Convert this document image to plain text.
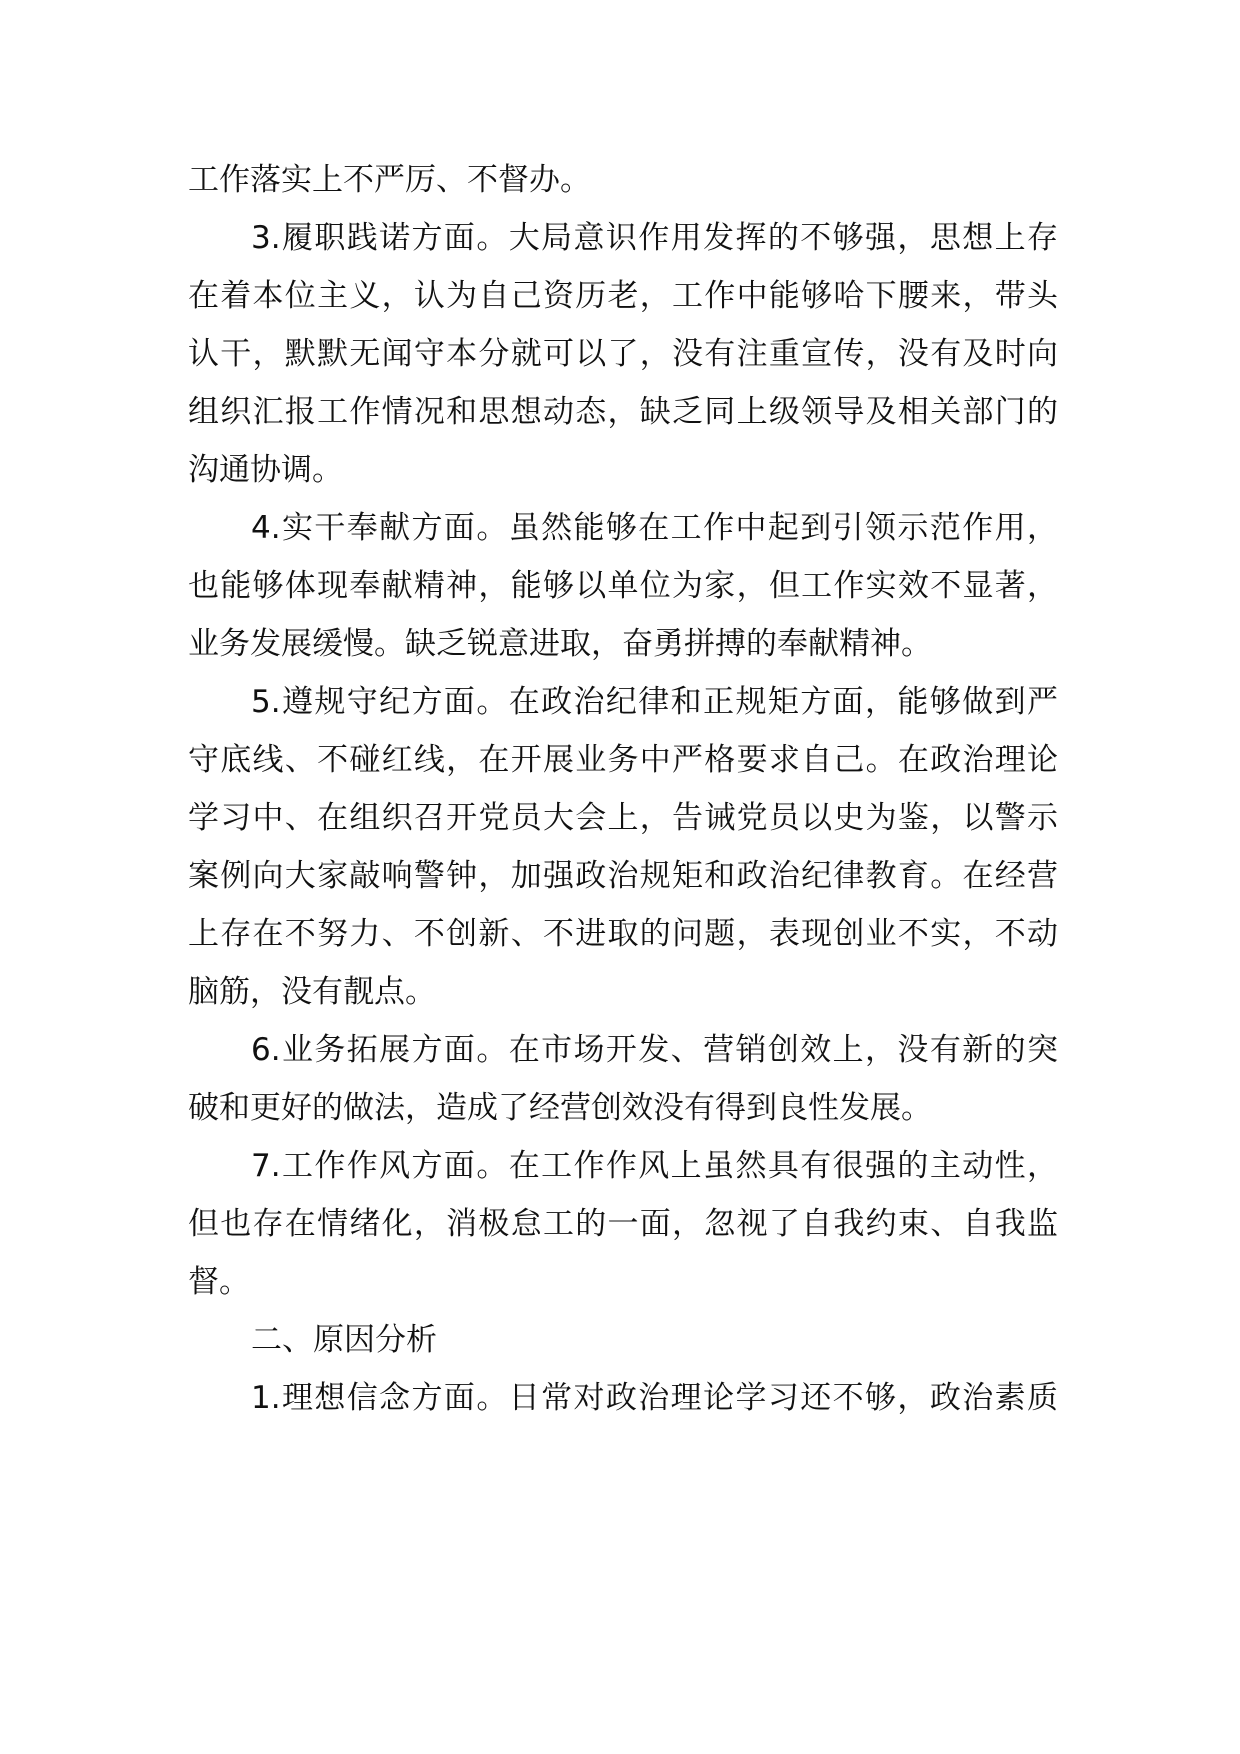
工作落实上不严厉、不督办。
3.履职践诺方面。大局意识作用发挥的不够强，思想上存
在着本位主义，认为自己资历老，工作中能够哈下腰来，带头
认干，默默无闻守本分就可以了，没有注重宣传，没有及时向
组织汇报工作情况和思想动态，缺乏同上级领导及相关部门的
沟通协调。
4.实干奉献方面。虽然能够在工作中起到引领示范作用，
也能够体现奉献精神，能够以单位为家，但工作实效不显著，
业务发展缓慢。缺乏锐意进取，奋勇拼搏的奉献精神。
5.遵规守纪方面。在政治纪律和正规矩方面，能够做到严
守底线、不碰红线，在开展业务中严格要求自己。在政治理论
学习中、在组织召开党员大会上，告诫党员以史为鉴，以警示
案例向大家敲响警钟，加强政治规矩和政治纪律教育。在经营
上存在不努力、不创新、不进取的问题，表现创业不实，不动
脑筋，没有靓点。
6.业务拓展方面。在市场开发、营销创效上，没有新的突
破和更好的做法，造成了经营创效没有得到良性发展。
7.工作作风方面。在工作作风上虽然具有很强的主动性，
但也存在情绪化，消极怠工的一面，忽视了自我约束、自我监
督。
二、原因分析
1.理想信念方面。日常对政治理论学习还不够，政治素质
